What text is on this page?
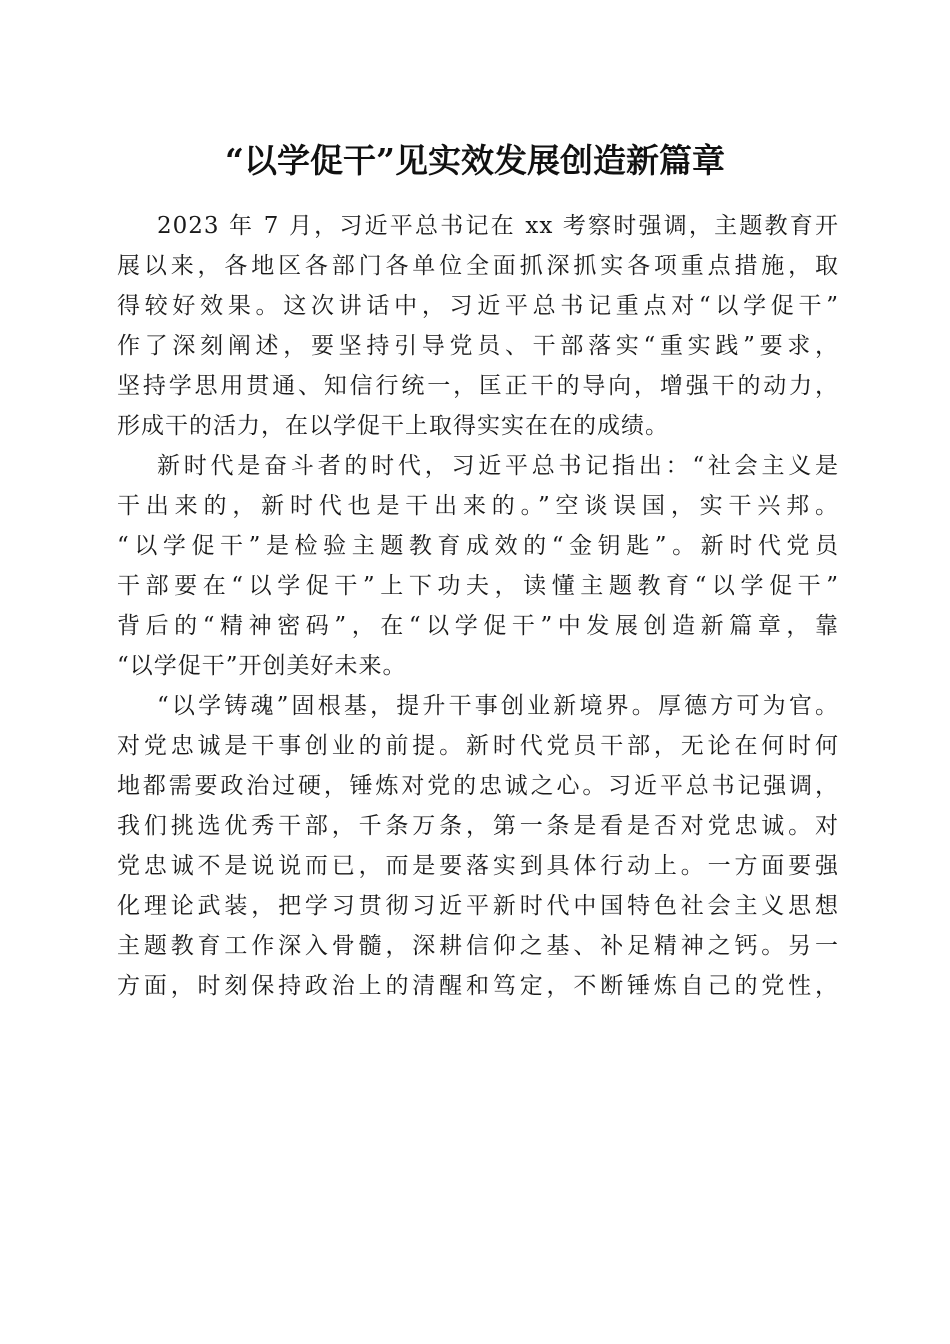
“以学促干”见实效发展创造新篇章
2023 年 7 月，习近平总书记在 xx 考察时强调，主题教育开
展以来，各地区各部门各单位全面抓深抓实各项重点措施，取
得较好效果。这次讲话中，习近平总书记重点对“以学促干”
作了深刻阐述，要坚持引导党员、干部落实“重实践”要求，
坚持学思用贯通、知信行统一，匡正干的导向，增强干的动力，
形成干的活力，在以学促干上取得实实在在的成绩。
新时代是奋斗者的时代，习近平总书记指出：“社会主义是
干出来的，新时代也是干出来的。”空谈误国，实干兴邦。
“以学促干”是检验主题教育成效的“金钥匙”。新时代党员
干部要在“以学促干”上下功夫，读懂主题教育“以学促干”
背后的“精神密码”，在“以学促干”中发展创造新篇章，靠
“以学促干”开创美好未来。
“以学铸魂”固根基，提升干事创业新境界。厚德方可为官。
对党忠诚是干事创业的前提。新时代党员干部，无论在何时何
地都需要政治过硬，锤炼对党的忠诚之心。习近平总书记强调，
我们挑选优秀干部，千条万条，第一条是看是否对党忠诚。对
党忠诚不是说说而已，而是要落实到具体行动上。一方面要强
化理论武装，把学习贯彻习近平新时代中国特色社会主义思想
主题教育工作深入骨髓，深耕信仰之基、补足精神之钙。另一
方面，时刻保持政治上的清醒和笃定，不断锤炼自己的党性，
